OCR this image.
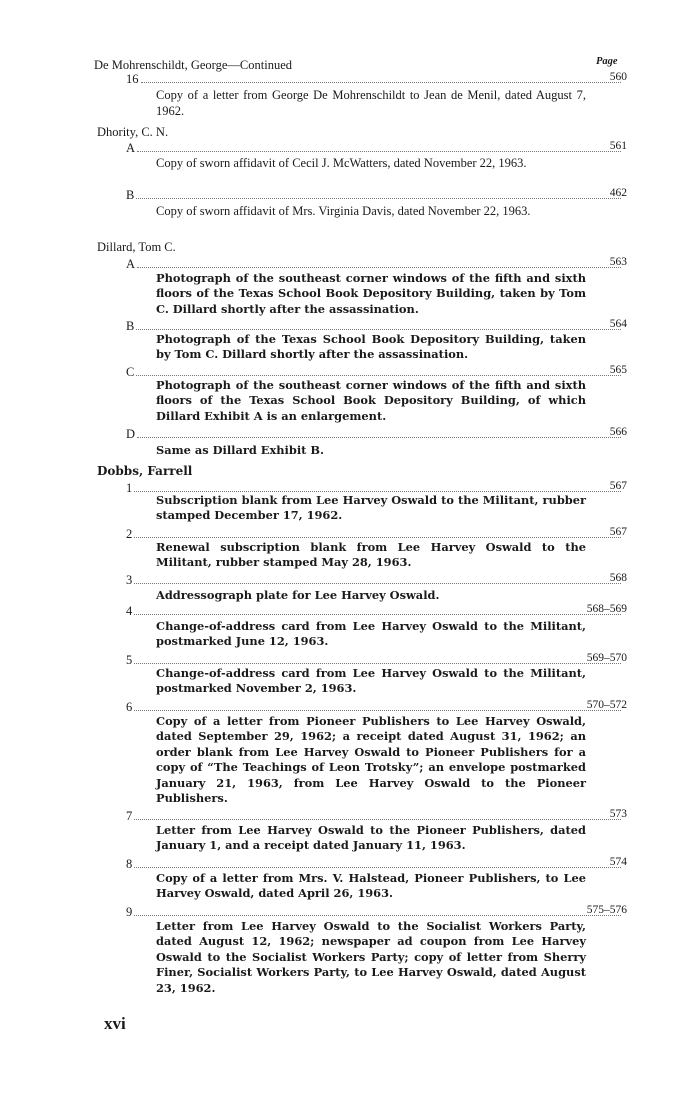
De Mohrenschildt, George—Continued	Page
16	560
Copy of a letter from George De Mohrenschildt to Jean de Menil, dated August 7, 1962.
Dhority, C. N.
A	561
Copy of sworn affidavit of Cecil J. McWatters, dated November 22, 1963.
B	462
Copy of sworn affidavit of Mrs. Virginia Davis, dated November 22, 1963.
Dillard, Tom C.
A	563
Photograph of the southeast corner windows of the fifth and sixth floors of the Texas School Book Depository Building, taken by Tom C. Dillard shortly after the assassination.
B	564
Photograph of the Texas School Book Depository Building, taken by Tom C. Dillard shortly after the assassination.
C	565
Photograph of the southeast corner windows of the fifth and sixth floors of the Texas School Book Depository Building, of which Dillard Exhibit A is an enlargement.
D	566
Same as Dillard Exhibit B.
Dobbs, Farrell
1	567
Subscription blank from Lee Harvey Oswald to the Militant, rubber stamped December 17, 1962.
2	567
Renewal subscription blank from Lee Harvey Oswald to the Militant, rubber stamped May 28, 1963.
3	568
Addressograph plate for Lee Harvey Oswald.
4	568–569
Change-of-address card from Lee Harvey Oswald to the Militant, postmarked June 12, 1963.
5	569–570
Change-of-address card from Lee Harvey Oswald to the Militant, postmarked November 2, 1963.
6	570–572
Copy of a letter from Pioneer Publishers to Lee Harvey Oswald, dated September 29, 1962; a receipt dated August 31, 1962; an order blank from Lee Harvey Oswald to Pioneer Publishers for a copy of “The Teachings of Leon Trotsky”; an envelope postmarked January 21, 1963, from Lee Harvey Oswald to the Pioneer Publishers.
7	573
Letter from Lee Harvey Oswald to the Pioneer Publishers, dated January 1, and a receipt dated January 11, 1963.
8	574
Copy of a letter from Mrs. V. Halstead, Pioneer Publishers, to Lee Harvey Oswald, dated April 26, 1963.
9	575–576
Letter from Lee Harvey Oswald to the Socialist Workers Party, dated August 12, 1962; newspaper ad coupon from Lee Harvey Oswald to the Socialist Workers Party; copy of letter from Sherry Finer, Socialist Workers Party, to Lee Harvey Oswald, dated August 23, 1962.
xvi
